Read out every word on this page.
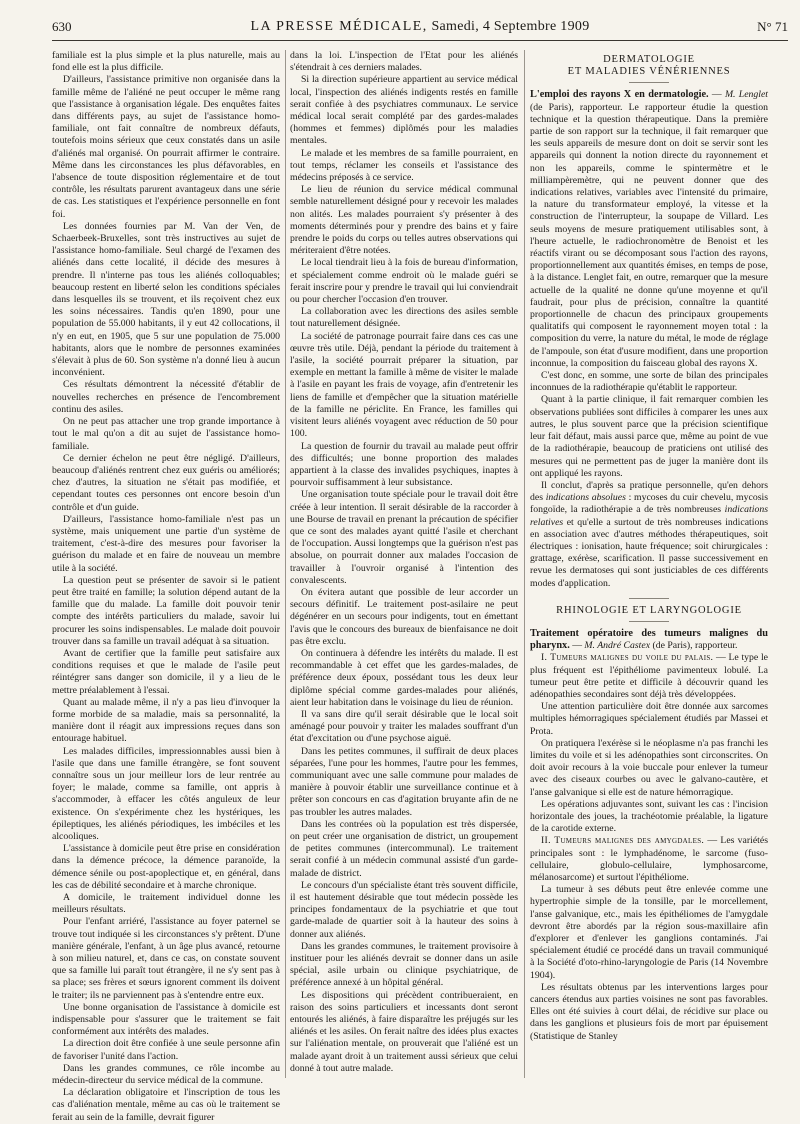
630	LA PRESSE MÉDICALE, Samedi, 4 Septembre 1909	N° 71

familiale est la plus simple et la plus naturelle, mais au fond elle est la plus difficile.

D'ailleurs, l'assistance primitive non organisée dans la famille même de l'aliéné ne peut occuper le même rang que l'assistance à organisation légale. Des enquêtes faites dans différents pays, au sujet de l'assistance homo-familiale, ont fait connaître de nombreux défauts, toutefois moins sérieux que ceux constatés dans un asile d'aliénés mal organisé. On pourrait affirmer le contraire. Même dans les circonstances les plus défavorables, en l'absence de toute disposition réglementaire et de tout contrôle, les résultats parurent avantageux dans une série de cas. Les statistiques et l'expérience personnelle en font foi.

Les données fournies par M. Van der Ven, de Schaerbeek-Bruxelles, sont très instructives au sujet de l'assistance homo-familiale. Seul chargé de l'examen des aliénés dans cette localité, il décide des mesures à prendre. Il n'interne pas tous les aliénés colloquables; beaucoup restent en liberté selon les conditions spéciales dans lesquelles ils se trouvent, et ils reçoivent chez eux les soins nécessaires. Tandis qu'en 1890, pour une population de 55.000 habitants, il y eut 42 collocations, il n'y en eut, en 1905, que 5 sur une population de 75.000 habitants, alors que le nombre de personnes examinées s'élevait à plus de 60. Son système n'a donné lieu à aucun inconvénient.

Ces résultats démontrent la nécessité d'établir de nouvelles recherches en présence de l'encombrement continu des asiles.

On ne peut pas attacher une trop grande importance à tout le mal qu'on a dit au sujet de l'assistance homo-familiale.

Ce dernier échelon ne peut être négligé. D'ailleurs, beaucoup d'aliénés rentrent chez eux guéris ou améliorés; chez d'autres, la situation ne s'était pas modifiée, et cependant toutes ces personnes ont encore besoin d'un contrôle et d'un guide.

D'ailleurs, l'assistance homo-familiale n'est pas un système, mais uniquement une partie d'un système de traitement, c'est-à-dire des mesures pour favoriser la guérison du malade et en faire de nouveau un membre utile à la société.

La question peut se présenter de savoir si le patient peut être traité en famille; la solution dépend autant de la famille que du malade. La famille doit pouvoir tenir compte des intérêts particuliers du malade, savoir lui procurer les soins indispensables. Le malade doit pouvoir trouver dans sa famille un travail adéquat à sa situation.

Avant de certifier que la famille peut satisfaire aux conditions requises et que le malade de l'asile peut réintégrer sans danger son domicile, il y a lieu de le mettre préalablement à l'essai.

Quant au malade même, il n'y a pas lieu d'invoquer la forme morbide de sa maladie, mais sa personnalité, la manière dont il réagit aux impressions reçues dans son entourage habituel.

Les malades difficiles, impressionnables aussi bien à l'asile que dans une famille étrangère, se font souvent connaître sous un jour meilleur lors de leur rentrée au foyer; le malade, comme sa famille, ont appris à s'accommoder, à effacer les côtés anguleux de leur existence. On s'expérimente chez les hystériques, les épileptiques, les aliénés périodiques, les imbéciles et les alcooliques.

L'assistance à domicile peut être prise en considération dans la démence précoce, la démence paranoïde, la démence sénile ou post-apoplectique et, en général, dans les cas de débilité secondaire et à marche chronique.

A domicile, le traitement individuel donne les meilleurs résultats.

Pour l'enfant arriéré, l'assistance au foyer paternel se trouve tout indiquée si les circonstances s'y prêtent. D'une manière générale, l'enfant, à un âge plus avancé, retourne à son milieu naturel, et, dans ce cas, on constate souvent que sa famille lui paraît tout étrangère, il ne s'y sent pas à sa place; ses frères et sœurs ignorent comment ils doivent le traiter; ils ne parviennent pas à s'entendre entre eux.

Une bonne organisation de l'assistance à domicile est indispensable pour s'assurer que le traitement se fait conformément aux intérêts des malades.

La direction doit être confiée à une seule personne afin de favoriser l'unité dans l'action.

Dans les grandes communes, ce rôle incombe au médecin-directeur du service médical de la commune.

La déclaration obligatoire et l'inscription de tous les cas d'aliénation mentale, même au cas où le traitement se ferait au sein de la famille, devrait figurer

dans la loi. L'inspection de l'Etat pour les aliénés s'étendrait à ces derniers malades.

Si la direction supérieure appartient au service médical local, l'inspection des aliénés indigents restés en famille serait confiée à des psychiatres communaux. Le service médical local serait complété par des gardes-malades (hommes et femmes) diplômés pour les maladies mentales.

Le malade et les membres de sa famille pourraient, en tout temps, réclamer les conseils et l'assistance des médecins préposés à ce service.

Le lieu de réunion du service médical communal semble naturellement désigné pour y recevoir les malades non alités. Les malades pourraient s'y présenter à des moments déterminés pour y prendre des bains et y faire prendre le poids du corps ou telles autres observations qui mériteraient d'être notées.

Le local tiendrait lieu à la fois de bureau d'information, et spécialement comme endroit où le malade guéri se ferait inscrire pour y prendre le travail qui lui conviendrait ou pour chercher l'occasion d'en trouver.

La collaboration avec les directions des asiles semble tout naturellement désignée.

La société de patronage pourrait faire dans ces cas une œuvre très utile. Déjà, pendant la période du traitement à l'asile, la société pourrait préparer la situation, par exemple en mettant la famille à même de visiter le malade à l'asile en payant les frais de voyage, afin d'entretenir les liens de famille et d'empêcher que la situation matérielle de la famille ne périclite. En France, les familles qui visitent leurs aliénés voyagent avec réduction de 50 pour 100.

La question de fournir du travail au malade peut offrir des difficultés; une bonne proportion des malades appartient à la classe des invalides psychiques, inaptes à pourvoir suffisamment à leur subsistance.

Une organisation toute spéciale pour le travail doit être créée à leur intention. Il serait désirable de la raccorder à une Bourse de travail en prenant la précaution de spécifier que ce sont des malades ayant quitté l'asile et cherchant de l'occupation. Aussi longtemps que la guérison n'est pas absolue, on pourrait donner aux malades l'occasion de travailler à l'ouvroir organisé à l'intention des convalescents.

On évitera autant que possible de leur accorder un secours définitif. Le traitement post-asilaire ne peut dégénérer en un secours pour indigents, tout en émettant l'avis que le concours des bureaux de bienfaisance ne doit pas être exclu.

On continuera à défendre les intérêts du malade. Il est recommandable à cet effet que les gardes-malades, de préférence deux époux, possédant tous les deux leur diplôme spécial comme gardes-malades pour aliénés, aient leur habitation dans le voisinage du lieu de réunion.

Il va sans dire qu'il serait désirable que le local soit aménagé pour pouvoir y traiter les malades souffrant d'un état d'excitation ou d'une psychose aiguë.

Dans les petites communes, il suffirait de deux places séparées, l'une pour les hommes, l'autre pour les femmes, communiquant avec une salle commune pour malades de manière à pouvoir établir une surveillance continue et à prêter son concours en cas d'agitation bruyante afin de ne pas troubler les autres malades.

Dans les contrées où la population est très dispersée, on peut créer une organisation de district, un groupement de petites communes (intercommunal). Le traitement serait confié à un médecin communal assisté d'un garde-malade de district.

Le concours d'un spécialiste étant très souvent difficile, il est hautement désirable que tout médecin possède les principes fondamentaux de la psychiatrie et que tout garde-malade de quartier soit à la hauteur des soins à donner aux aliénés.

Dans les grandes communes, le traitement provisoire à instituer pour les aliénés devrait se donner dans un asile spécial, asile urbain ou clinique psychiatrique, de préférence annexé à un hôpital général.

Les dispositions qui précèdent contribueraient, en raison des soins particuliers et incessants dont seront entourés les aliénés, à faire disparaître les préjugés sur les aliénés et les asiles. On ferait naître des idées plus exactes sur l'aliénation mentale, on prouverait que l'aliéné est un malade ayant droit à un traitement aussi sérieux que celui donné à tout autre malade.

DERMATOLOGIE
ET MALADIES VÉNÉRIENNES

L'emploi des rayons X en dermatologie. — M. Lenglet (de Paris), rapporteur. Le rapporteur étudie la question technique et la question thérapeutique. Dans la première partie de son rapport sur la technique, il fait remarquer que les seuls appareils de mesure dont on doit se servir sont les appareils qui donnent la notion directe du rayonnement et non les appareils, comme le spintermètre et le milliampèremètre, qui ne peuvent donner que des indications relatives, variables avec l'intensité du primaire, la nature du transformateur employé, la vitesse et la construction de l'interrupteur, la soupape de Villard. Les seuls moyens de mesure pratiquement utilisables sont, à l'heure actuelle, le radiochronomètre de Benoist et les réactifs virant ou se décomposant sous l'action des rayons, proportionnellement aux quantités émises, en temps de pose, à la distance. Lenglet fait, en outre, remarquer que la mesure actuelle de la qualité ne donne qu'une moyenne et qu'il faudrait, pour plus de précision, connaître la quantité proportionnelle de chacun des principaux groupements qualitatifs qui composent le rayonnement moyen total : la composition du verre, la nature du métal, le mode de réglage de l'ampoule, son état d'usure modifient, dans une proportion inconnue, la composition du faisceau global des rayons X.

C'est donc, en somme, une sorte de bilan des principales inconnues de la radiothérapie qu'établit le rapporteur.

Quant à la partie clinique, il fait remarquer combien les observations publiées sont difficiles à comparer les unes aux autres, le plus souvent parce que la précision scientifique leur fait défaut, mais aussi parce que, même au point de vue de la radiothérapie, beaucoup de praticiens ont utilisé des mesures qui ne permettent pas de juger la manière dont ils ont appliqué les rayons.

Il conclut, d'après sa pratique personnelle, qu'en dehors des indications absolues : mycoses du cuir chevelu, mycosis fongoïde, la radiothérapie a de très nombreuses indications relatives et qu'elle a surtout de très nombreuses indications en association avec d'autres méthodes thérapeutiques, soit électriques : ionisation, haute fréquence; soit chirurgicales : grattage, exérèse, scarification. Il passe successivement en revue les dermatoses qui sont justiciables de ces différents modes d'application.

RHINOLOGIE ET LARYNGOLOGIE

Traitement opératoire des tumeurs malignes du pharynx. — M. André Castex (de Paris), rapporteur.

I. Tumeurs malignes du voile du palais. — Le type le plus fréquent est l'épithéliome pavimenteux lobulé. La tumeur peut être petite et difficile à découvrir quand les adénopathies secondaires sont déjà très développées.

Une attention particulière doit être donnée aux sarcomes multiples hémorragiques spécialement étudiés par Massei et Prota.

On pratiquera l'exérèse si le néoplasme n'a pas franchi les limites du voile et si les adénopathies sont circonscrites. On doit avoir recours à la voie buccale pour enlever la tumeur avec des ciseaux courbes ou avec le galvano-cautère, et l'anse galvanique si elle est de nature hémorragique.

Les opérations adjuvantes sont, suivant les cas : l'incision horizontale des joues, la trachéotomie préalable, la ligature de la carotide externe.

II. Tumeurs malignes des amygdales. — Les variétés principales sont : le lymphadénome, le sarcome (fuso-cellulaire, globulo-cellulaire, lymphosarcome, mélanosarcome) et surtout l'épithéliome.

La tumeur à ses débuts peut être enlevée comme une hypertrophie simple de la tonsille, par le morcellement, l'anse galvanique, etc., mais les épithéliomes de l'amygdale devront être abordés par la région sous-maxillaire afin d'explorer et d'enlever les ganglions contaminés. J'ai spécialement étudié ce procédé dans un travail communiqué à la Société d'oto-rhino-laryngologie de Paris (14 Novembre 1904).

Les résultats obtenus par les interventions larges pour cancers étendus aux parties voisines ne sont pas favorables. Elles ont été suivies à court délai, de récidive sur place ou dans les ganglions et plusieurs fois de mort par épuisement (Statistique de Stanley
